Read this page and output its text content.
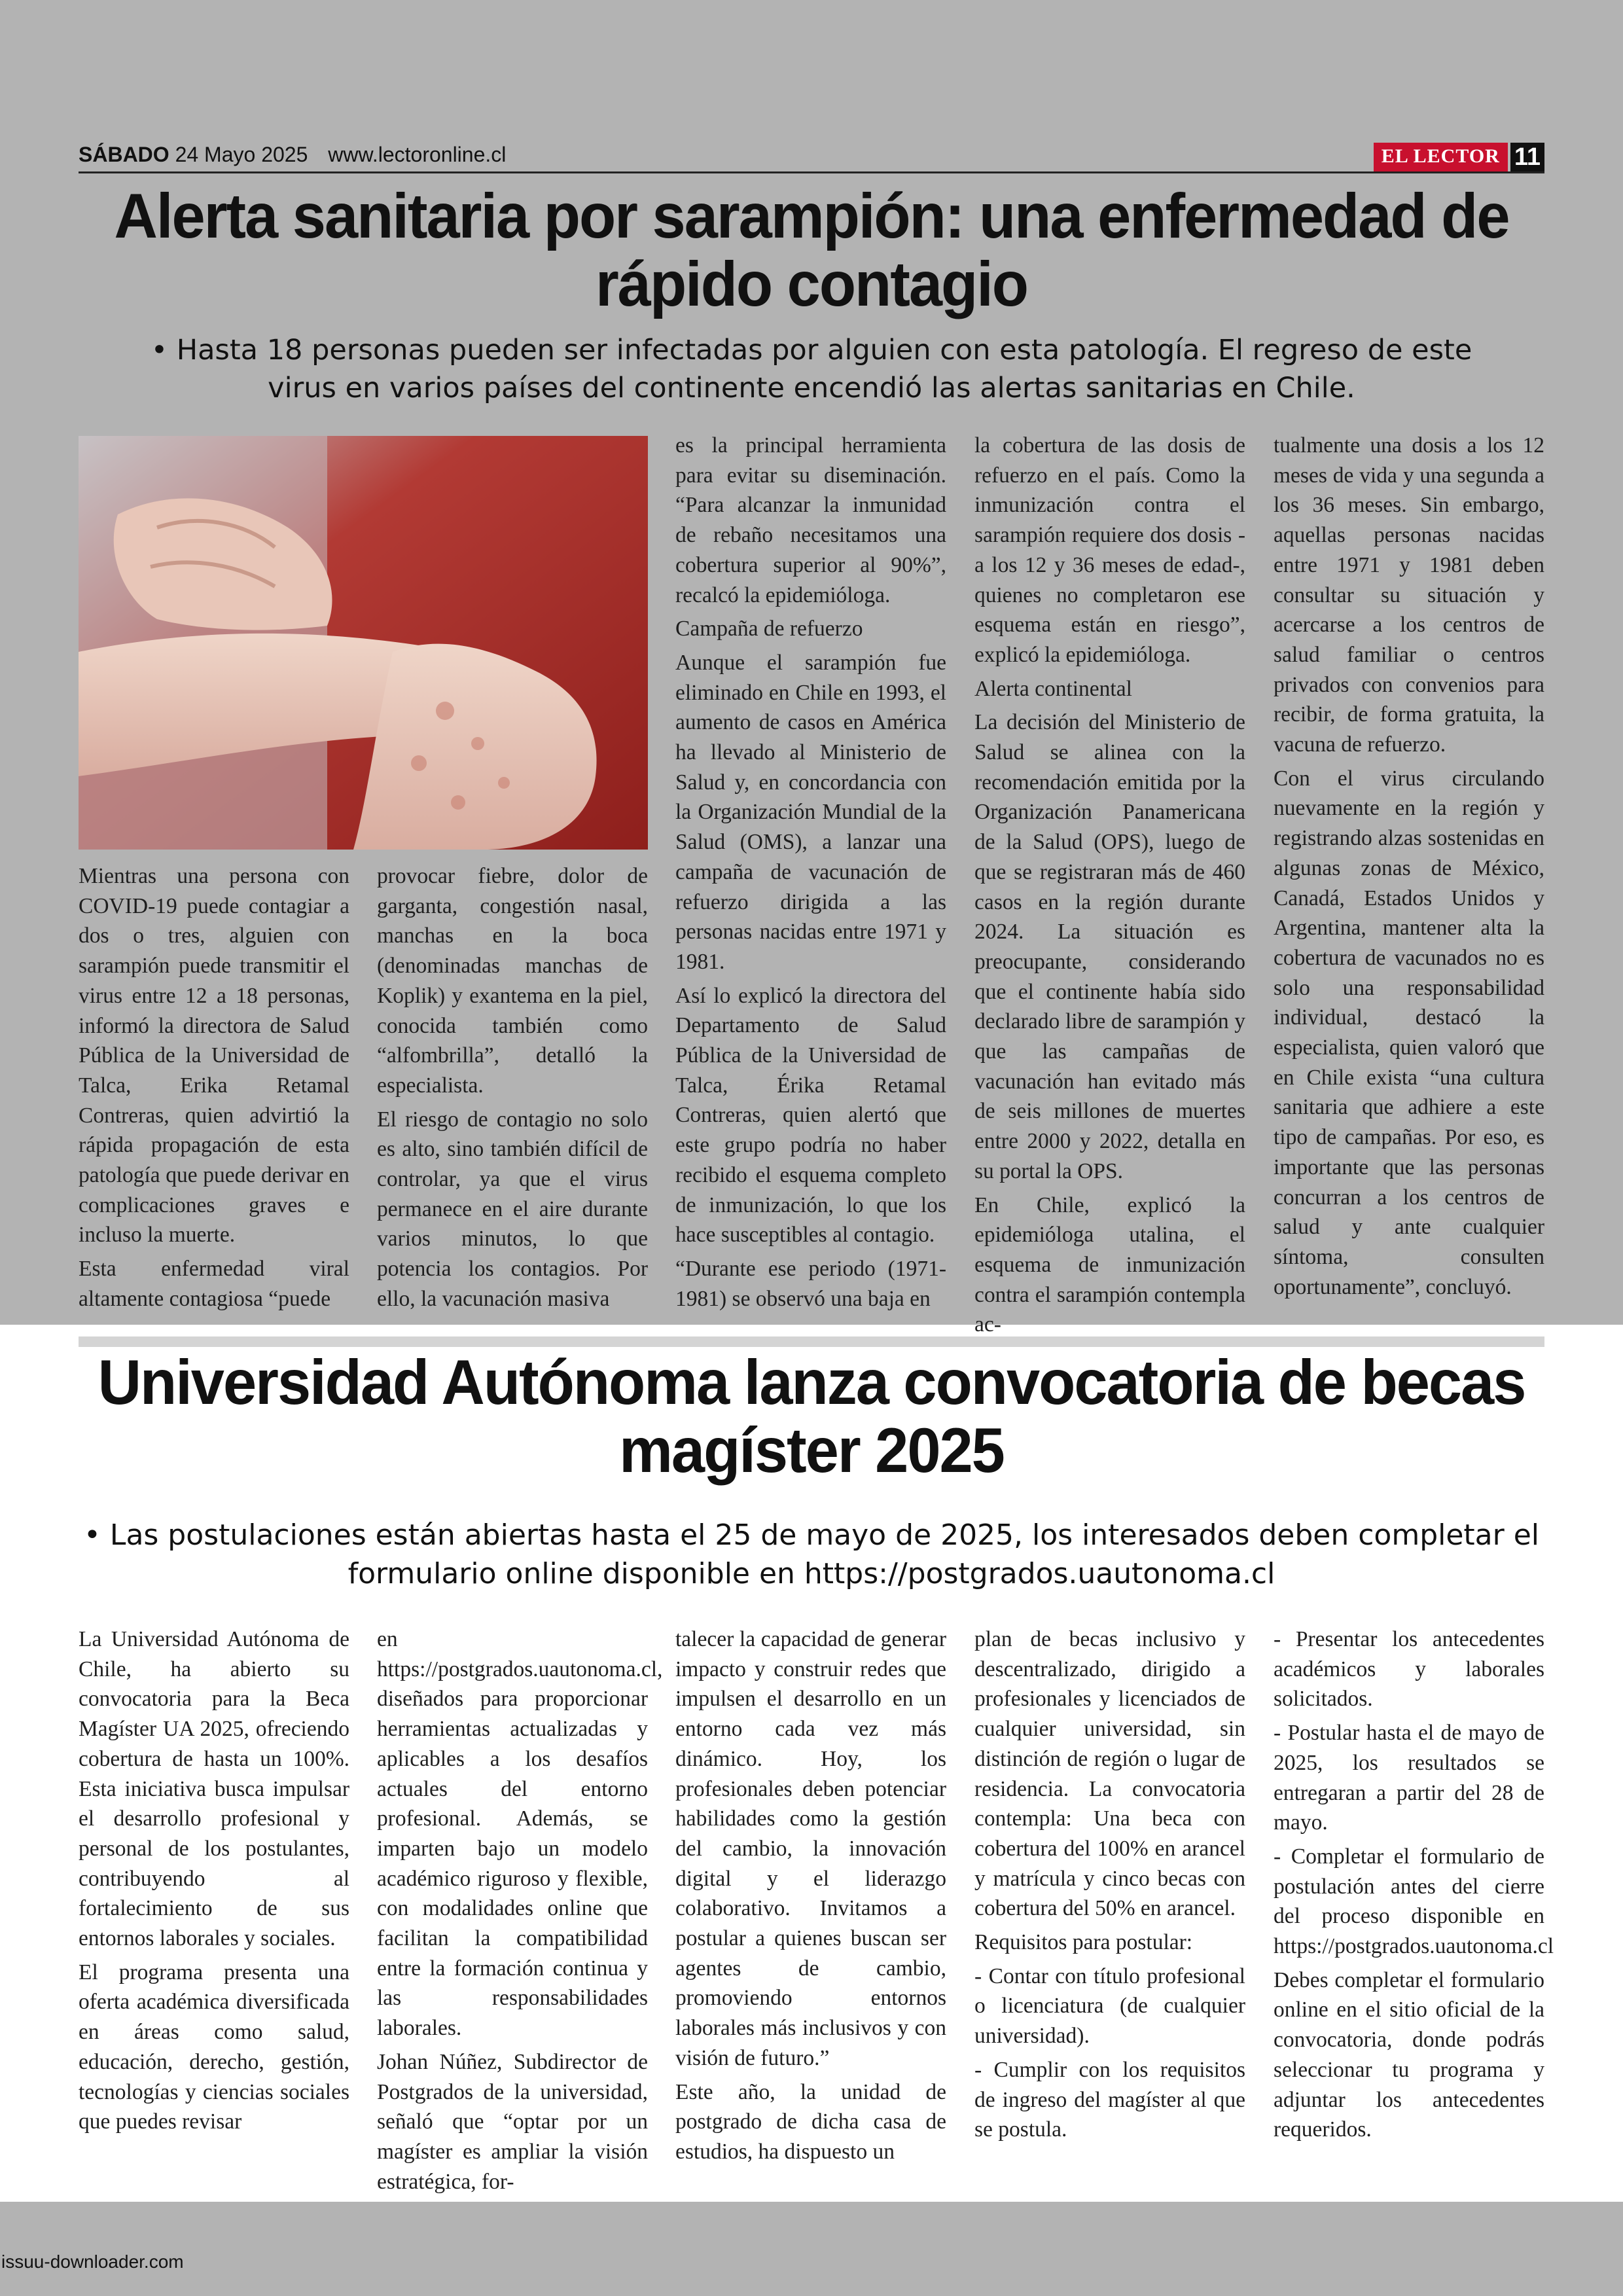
SÁBADO 24 Mayo 2025 www.lectoronline.cl	EL LECTOR 11
Alerta sanitaria por sarampión: una enfermedad de rápido contagio
• Hasta 18 personas pueden ser infectadas por alguien con esta patología. El regreso de este virus en varios países del continente encendió las alertas sanitarias en Chile.

Mientras una persona con COVID-19 puede contagiar a dos o tres, alguien con sarampión puede transmitir el virus entre 12 a 18 personas, informó la directora de Salud Pública de la Universidad de Talca, Erika Retamal Contreras, quien advirtió la rápida propagación de esta patología que puede derivar en complicaciones graves e incluso la muerte.

Esta enfermedad viral altamente contagiosa “puede

provocar fiebre, dolor de garganta, congestión nasal, manchas en la boca (denominadas manchas de Koplik) y exantema en la piel, conocida también como “alfombrilla”, detalló la especialista.

El riesgo de contagio no solo es alto, sino también difícil de controlar, ya que el virus permanece en el aire durante varios minutos, lo que potencia los contagios. Por ello, la vacunación masiva

es la principal herramienta para evitar su diseminación. “Para alcanzar la inmunidad de rebaño necesitamos una cobertura superior al 90%”, recalcó la epidemióloga.

Campaña de refuerzo

Aunque el sarampión fue eliminado en Chile en 1993, el aumento de casos en América ha llevado al Ministerio de Salud y, en concordancia con la Organización Mundial de la Salud (OMS), a lanzar una campaña de vacunación de refuerzo dirigida a las personas nacidas entre 1971 y 1981.

Así lo explicó la directora del Departamento de Salud Pública de la Universidad de Talca, Érika Retamal Contreras, quien alertó que este grupo podría no haber recibido el esquema completo de inmunización, lo que los hace susceptibles al contagio.

“Durante ese periodo (1971-1981) se observó una baja en

la cobertura de las dosis de refuerzo en el país. Como la inmunización contra el sarampión requiere dos dosis -a los 12 y 36 meses de edad-, quienes no completaron ese esquema están en riesgo”, explicó la epidemióloga.

Alerta continental

La decisión del Ministerio de Salud se alinea con la recomendación emitida por la Organización Panamericana de la Salud (OPS), luego de que se registraran más de 460 casos en la región durante 2024. La situación es preocupante, considerando que el continente había sido declarado libre de sarampión y que las campañas de vacunación han evitado más de seis millones de muertes entre 2000 y 2022, detalla en su portal la OPS.

En Chile, explicó la epidemióloga utalina, el esquema de inmunización contra el sarampión contempla ac-

tualmente una dosis a los 12 meses de vida y una segunda a los 36 meses. Sin embargo, aquellas personas nacidas entre 1971 y 1981 deben consultar su situación y acercarse a los centros de salud familiar o centros privados con convenios para recibir, de forma gratuita, la vacuna de refuerzo.

Con el virus circulando nuevamente en la región y registrando alzas sostenidas en algunas zonas de México, Canadá, Estados Unidos y Argentina, mantener alta la cobertura de vacunados no es solo una responsabilidad individual, destacó la especialista, quien valoró que en Chile exista “una cultura sanitaria que adhiere a este tipo de campañas. Por eso, es importante que las personas concurran a los centros de salud y ante cualquier síntoma, consulten oportunamente”, concluyó.

Universidad Autónoma lanza convocatoria de becas magíster 2025
• Las postulaciones están abiertas hasta el 25 de mayo de 2025, los interesados deben completar el formulario online disponible en https://postgrados.uautonoma.cl

La Universidad Autónoma de Chile, ha abierto su convocatoria para la Beca Magíster UA 2025, ofreciendo cobertura de hasta un 100%. Esta iniciativa busca impulsar el desarrollo profesional y personal de los postulantes, contribuyendo al fortalecimiento de sus entornos laborales y sociales.

El programa presenta una oferta académica diversificada en áreas como salud, educación, derecho, gestión, tecnologías y ciencias sociales que puedes revisar

en https://postgrados.uautonoma.cl, diseñados para proporcionar herramientas actualizadas y aplicables a los desafíos actuales del entorno profesional. Además, se imparten bajo un modelo académico riguroso y flexible, con modalidades online que facilitan la compatibilidad entre la formación continua y las responsabilidades laborales.

Johan Núñez, Subdirector de Postgrados de la universidad, señaló que “optar por un magíster es ampliar la visión estratégica, for-

talecer la capacidad de generar impacto y construir redes que impulsen el desarrollo en un entorno cada vez más dinámico. Hoy, los profesionales deben potenciar habilidades como la gestión del cambio, la innovación digital y el liderazgo colaborativo. Invitamos a postular a quienes buscan ser agentes de cambio, promoviendo entornos laborales más inclusivos y con visión de futuro.”

Este año, la unidad de postgrado de dicha casa de estudios, ha dispuesto un

plan de becas inclusivo y descentralizado, dirigido a profesionales y licenciados de cualquier universidad, sin distinción de región o lugar de residencia. La convocatoria contempla: Una beca con cobertura del 100% en arancel y matrícula y cinco becas con cobertura del 50% en arancel.

Requisitos para postular:

- Contar con título profesional o licenciatura (de cualquier universidad).

- Cumplir con los requisitos de ingreso del magíster al que se postula.

- Presentar los antecedentes académicos y laborales solicitados.

- Postular hasta el de mayo de 2025, los resultados se entregaran a partir del 28 de mayo.

- Completar el formulario de postulación antes del cierre del proceso disponible en https://postgrados.uautonoma.cl

Debes completar el formulario online en el sitio oficial de la convocatoria, donde podrás seleccionar tu programa y adjuntar los antecedentes requeridos.

issuu-downloader.com
